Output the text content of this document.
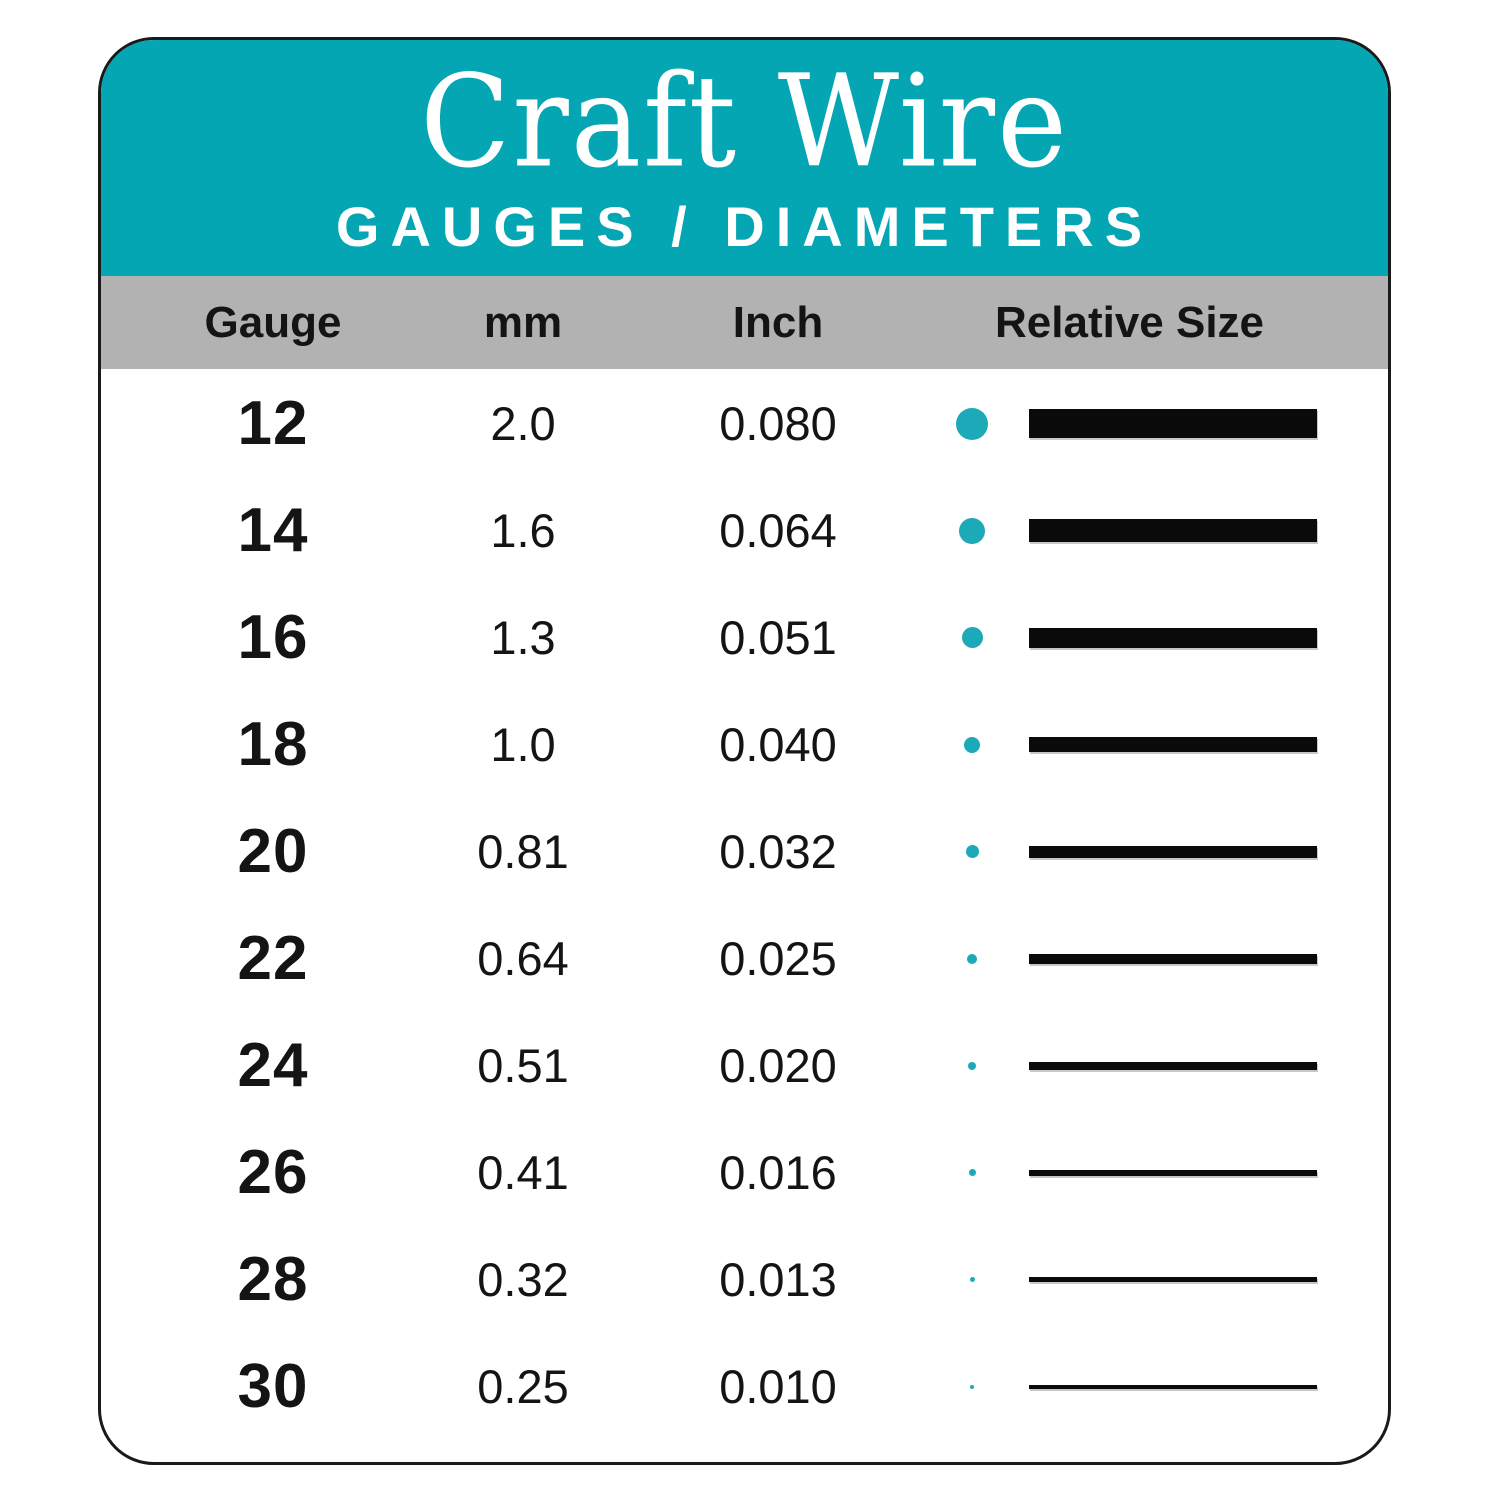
Craft Wire
GAUGES / DIAMETERS
Gauge	mm	Inch	Relative Size
12	2.0	0.080
14	1.6	0.064
16	1.3	0.051
18	1.0	0.040
20	0.81	0.032
22	0.64	0.025
24	0.51	0.020
26	0.41	0.016
28	0.32	0.013
30	0.25	0.010
